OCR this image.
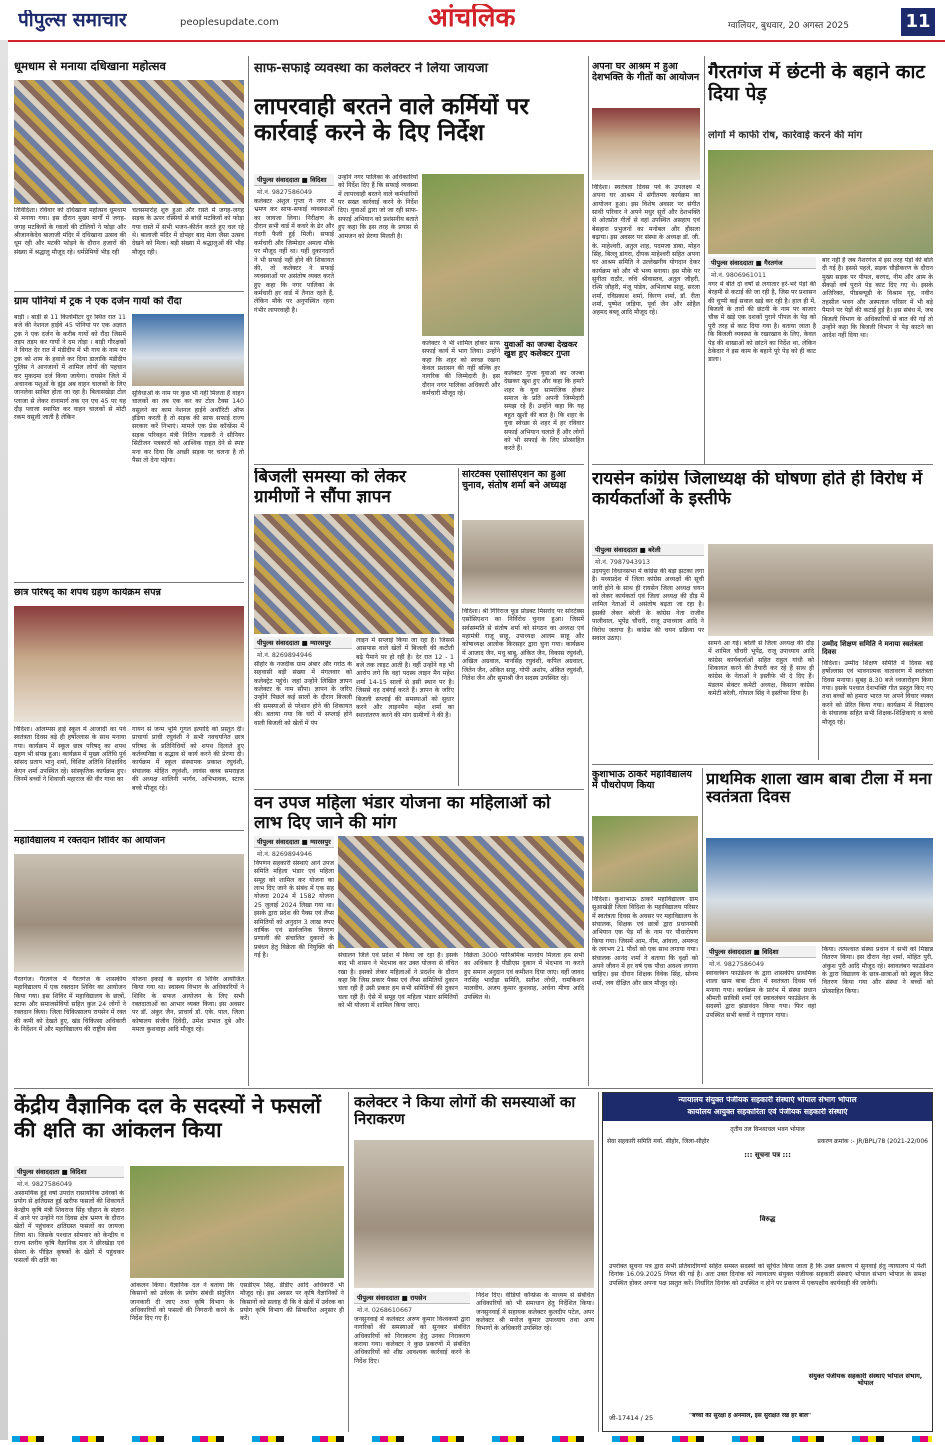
पीपुल्स समाचार	peoplesupdate.com	आंचलिक	ग्वालियर, बुधवार, 20 अगस्त 2025	11
धूमधाम से मनाया दधिखाना महोत्सव
तिविदिशा। रविवार को दधिखाना महोत्सव धूमधाम से मनाया गया। इस दौरान मुख्य मार्गों में जगह-जगह मटकियों के ग्वालों की टोलियों ने फोड़ा और श्रीजानकेदेव बालाजी मंदिर में दधिखाना उत्सव की धूम रही और मटकी फोड़ने के दौरान हजारों की संख्या में श्रद्धालु मौजूद रहे। धर्मप्रेमियों भीड़ रही
चलसमारोह शुरु हुआ और रास्ते में जगह-जगह सड़क के ऊपर रस्सियों से बांधी मटकियों को फोड़ा गया रास्ते में सभी भजन-कीर्तन करते हुए चल रहे थे। बालाजी मंदिर में दोपहर बाद मेला जैसा उत्सव देखने को मिला। बड़ी संख्या में श्रद्धालुओं की भीड़ मौजूद रही।
ग्राम पोनियां में ट्रक ने एक दर्जन गायों को रौंदा
बाड़ी । बाड़ी से 11 किलोमीटर दूर स्थित रात 11 बजे की नेशनल हाईवे 45 पोनियां पर एक अज्ञात ट्रक ने एक दर्जन के करीब गायों को रौंदा जिसमें तड़प तड़प कर गायों ने दम तोड़ा । बाड़ी गौरक्षकों ने विगत देर रात में मंडीदीप में भी गाय के नाम पर ट्रक को शाम के हवाले कर दिया डालाकि मंडीदीप पुलिस ने आनजानों में शामिल लोगों की पहचान कर मुकदमा दर्ज किया जायेगा। रायसेन जिले में अचानक पशुओं के झुंड अब वाहन चालकों के लिए जानलेवा साबित होता जा रहा है। बिलासखेड़ा टोल प्लाजा से लेकर रानामार्ग तक एन एच 45 पर यह दौड़ प्लाजा स्थापित कर वाहन चालकों से मोटी रकम वसूली जाती है लेकिन
सुविधाओं के नाम पर कुछ भी नहीं मिलता है वाहन चालकों का तब एक कर का टोल टैक्स 140 वसूलने का काम नेशनल हाईवे अथॉरिटी ऑफ इंडिया करती है तो सड़क की साफ सफाई राज्य सरकार करें निभाएं। मामले एक प्रेस कॉन्फ्रेंस में सड़क परिवहन मंत्री नितिन गडकरी ने सीनियर सिटीजन पत्रकारों को आश्विक राहत देने से स्पष्ट मना कर दिया कि अच्छी सड़क पर चलना है तो पैसा तो देना पड़ेगा।
छात्र परिषद् का शपथ ग्रहण कार्यक्रम संपन्न
विदिशा। ओलम्पस हाई स्कूल में आजादी का पर्व स्वतंत्रता दिवस बड़े ही हर्षोल्लास के साथ मनाया गया। कार्यक्रम में स्कूल छात्र परिषद् का शपथ ग्रहण भी संपन्न हुआ। कार्यक्रम में मुख्य अतिथि पूर्व सांसद प्रताप भानु शर्मा, विशिष्ट अतिथि शिक्षाविद केएन शर्मा उपस्थित रहे। सांस्कृतिक कार्यक्रम हुए। जिनमें बच्चों ने शिवाजी महाराज की वीर गाथा का
गायन से जन्म भूमि गूगल इत्यादि को प्रस्तुत दी। प्राचार्या प्राची रघुवंशी ने सभी नवचयनित छात्र परिषद के प्रतिनिधियों को शपथ दिलाते हुए कर्तव्यनिष्ठा व सद्भाव से कार्य करने की प्रेरणा दी। कार्यक्रम में स्कूल संस्थापक प्रकाश रघुवंशी, संचालक मोहित रघुवंशी, लावंस क्लब समराइज की अध्यक्ष शालिनी भार्गव, अभिभावक, स्टाफ बच्चे मौजूद रहे।
महाविद्यालय में रक्तदान शिविर का आयोजन
गैरतगंज। गैरतगंज में गैरतगंज के शासकीय महाविद्यालय में एक रक्तदान शिविर का आयोजन किया गया। इस शिविर में महाविद्यालय के छात्रों, स्टाफ और समाजसेवियों सहित कुल 24 लोगों ने रक्तदान किया। जिला चिकित्सालय रायसेन में रक्त की कमी को देखते हुए, खंड चिकित्सा अधिकारी के निर्देशन में और महाविद्यालय की राष्ट्रीय सेवा
योजना इकाई के सहयोग से शिविर आयोजित किया गया था। स्वास्थ्य विभाग के अधिकारियों ने शिविर के सफल आयोजन के लिए सभी रक्तदाताओं का आभार व्यक्त किया। इस अवसर पर डॉ. अंकुर जैन, प्राचार्य डॉ. एके. पाल, जिला कोषालय संजीव दिवेदी, उमेश प्रभात दुबे और ममता कुशवाहा आदि मौजूद रहे।
साफ-सफाई व्यवस्था का कलेक्टर ने लिया जायजा
लापरवाही बरतने वाले कर्मियों पर कार्रवाई करने के दिए निर्देश
पीपुल्स संवाददाता ■ विदिशा
मो.नं. 9827586049
कलेक्टर अंशुल गुप्ता ने नगर में भ्रमण कर साफ-सफाई व्यवस्थाओं का जायजा लिया। निरीक्षण के दौरान सभी वार्ड में कचरे के ढेर और गंदगी फैली हुई मिली। सफाई कर्मचारी और जिम्मेदार अमला मौके पर मौजूद नहीं था। यहीं दुकानदारों ने भी सफाई नहीं होने की शिकायत की, तो कलेक्टर ने सफाई व्यवस्थाओं पर असंतोष व्यक्त करते हुए कहा कि नगर पालिका के कर्मचारी हर वार्ड में तैनात रहते हैं, लेकिन मौके पर अनुपस्थित रहना गंभीर लापरवाही है।
उन्होंने नगर पालिका के अधिकारियों को निर्देश दिए हैं कि सफाई व्यवस्था में लापरवाही बरतने वाले कर्मचारियों पर सख्त कार्रवाई करने के निर्देश दिए। युवाओं द्वारा जो जा रही साफ-सफाई अभियान को प्रशंसनीय बताते हुए कहा कि इस तरह के प्रयास से आमजन को प्रेरणा मिलती है।
कलेक्टर ने भी शामिल होकर साफ सफाई कार्य में भाग लिया। उन्होंने कहा कि शहर को स्वच्छ रखना केवल प्रशासन की नहीं बल्कि हर नागरिक की जिम्मेदारी है। इस दौरान नगर पालिका अधिकारी और कर्मचारी मौजूद रहे।
युवाओं का जज्बा देखकर खुश हुए कलेक्टर गुप्ता
कलेक्टर गुप्ता युवाओं का जज्बा देखकर खुश हुए और कहा कि हमारे शहर के युवा सामाजिक होकर समाज के प्रति अपनी जिम्मेदारी समझ रहे हैं। उन्होंने कहा कि यह बहुत खुशी की बात है। कि शहर के युवा स्वेच्छा से शहर में हर रविवार सफाई अभियान चलाते हैं और लोगों को भी सफाई के लिए प्रोत्साहित करते हैं।
बिजली समस्या को लेकर ग्रामीणों ने सौंपा ज्ञापन
पीपुल्स संवाददाता ■ ग्यारसपुर
मो.नं. 8269894946
सीहोर के नजदीक ग्राम अंबार और गरोठ के सहवासी बड़ी संख्या में मंगलवार को कलेक्ट्रेट पहुंचे। जहां उन्होंने लिखित ज्ञापन कलेक्टर के नाम सौंपा। ज्ञापन के जरिए उन्होंने पिछले कई सालों के दौरान बिजली की समस्याओं से परेशान होने की शिकायत की। बताया गया कि घरों में सप्लाई होने वाली बिजली को खेतों में पंप
लाइन में सप्लाई किया जा रहा है। जिससे आसपास वाले खेतों में बिजली की कटौती बढ़े पैमाने पर हो रही है। देर रात 12 - 1 बजे तक लाइट आती है। वहीं उन्होंने यह भी आरोप लगे कि वहां पदस्थ लाइन मैन महेश शर्मा 14-15 सालों से इसी स्थान पर है। जिससे वह दबंगई करते हैं। ज्ञापन के जरिए बिजली सप्लाई की समस्याओं को सुधार करने और लाइनमैन महेश शर्मा का स्थानांतरण करने की मांग ग्रामीणों ने की है।
सोरटेक्स एसोसिएशन का हुआ चुनाव, संतोष शर्मा बने अध्यक्ष
विदिशा। श्री गिरिराज फूड प्रोडक्ट मिसरोद पर सोरटेक्स एसोसिएशन का निर्विरोध चुनाव हुआ। जिसमें सर्वसम्मति से संतोष शर्मा को संगठन का अध्यक्ष एवं महामंत्री राजू साहू, उपाध्यक्ष आलम साहू और कोषाध्यक्ष आलोक किरसहर द्वारा चुना गया। कार्यक्रम में आजाद जैन, मधु बाबू, अंकित जैन, विकास रघुवंशी, अखिल अग्रवाल, मानसिंह रघुवंशी, कपिल अग्रवाल, जितेन जैन, अंकित साहू, गोपी अशोप, अंकित रघुवंशी, नितेश जैन और सुमाश्री जैन सदस्य उपस्थित रहे।
वन उपज महिला भंडार योजना का महिलाओं को लाभ दिए जाने की मांग
पीपुल्स संवाददाता ■ ग्यारसपुर
मो.नं. 8269894946
विपणन सहकारी संस्थाएं आने उपज समिति महिला भंडार एवं महिला समूह को शामिल कर योजना का लाभ दिए जाने के संबंध में एक सह योजना 2024 में 1582 योजना 25 जुलाई 2024 लिखा गया था। इसके द्वारा प्रदेश की पैक्स एवं लैंप्स समितियों को अनुदान 3 लाख रुपए वार्षिक एवं सार्वजनिक वितरण प्रणाली की संचालित दुकानों के प्रबंधन हेतु विक्रेता की नियुक्ति की गई है।	संचालन जिले एवं प्रदेश में किया जा रहा है। इसके बाद भी शासन ने भेदभाव कर उक्त योजना से वंचित रखा है। इसको लेकर महिलाओं ने प्रदर्शन के दौरान कहा कि जिस प्रकार पैक्स एवं लैंप्स समितियों दुकान चला रही हैं उसी प्रकार हम सभी समितियों की दुकान चला रही हैं। ऐसे में समूह एवं महिला भंडार समितियों को भी योजना में शामिल किया जाए।
विक्रेता 3000 पारिश्रमिक मानदेय मिलता हम सभी का अधिकार है पीडीएस दुकान में भेदभाव ना करते हुए समान अनुदान एवं कमीशन दिया जाए। वहीं जावद नरसिंह भादौड़ा समिति, सतीश लोधी, रामकिशन मालवीय, अजय कुमार कुशवाह, अर्चना मीणा आदि उपस्थित थे।
अपना घर आश्रम में हुआ देशभक्ति के गीतों का आयोजन
विदिशा। स्वतंत्रता दिवस पर्व के उपलक्ष्य में अपना घर आश्रम में संगीतमय कार्यक्रम का आयोजन हुआ। इस विशेष अवसर पर संगीत साथी परिवार ने अपने मधुर सुरों और देशभक्ति से ओतप्रोत गीतों से वहां उपस्थित असहाय एवं बेसहारा प्रभुजनों का मनोबल और हौसला बढ़ाया। इस अवसर पर संस्था के अध्यक्ष डॉ. जी. के. माहेश्वरी, अतुल शाह, पदमजा डाबा, मोहन सिंह, बिल्लू डांगरा, दीपक माहेश्वरी सहित अपना घर आश्रम समिति ने उल्लेखनीय योगदान देकर कार्यक्रम को और भी भव्य बनाया। इस मौके पर सुनीता राठौर, रुचि श्रीवास्तव, अतुल जौहरी, रश्मि जौहरी, मंजू पांडेय, अभिलाषा साहू, सरला शर्मा, रविप्रकाश शर्मा, किरण शर्मा, डॉ. रीता शर्मा, पुष्पेश जड़िया, पूर्वा जैन और सोहैल अहमद बब्लू आदि मौजूद रहे।
गैरतगंज में छंटनी के बहाने काट दिया पेड़
लोगों में काफी रोष, कार्रवाई करने की मांग
पीपुल्स संवाददाता ■ गैरतगंज
मो.नं. 9806961011
नगर में बीते दो वर्षों से लगातार हरे-भरे पेड़ों की बेरहमी से कटाई की जा रही है, जिस पर प्रशासन की चुप्पी कई सवाल खड़े कर रही है। हाल ही में, बिजली के तारों की छंटनी के नाम पर बाजार चौक में खड़े एक दशकों पुराने पीपल के पेड़ को पूरी तरह से काट दिया गया है। बताया जाता है कि बिजली व्यवस्था के रखरखाव के लिए, केवल पेड़ की शाखाओं को छांटने का निर्देश था, लेकिन ठेकेदार ने इस काम के बहाने पूरे पेड़ को ही काट डाला।
बार नहीं है जब नैशरगंज में इस तरह पेड़ों की बलि दी गई है। इससे पहले, सड़क चौड़ीकरण के दौरान मुख्य सड़क पर पीपल, बरगद, नीम और आम के सैकड़ों वर्ष पुराने पेड़ काट दिए गए थे। इसके अतिरिक्त, पीडब्ल्यूडी के विश्राम गृह, नवीन तहसील भवन और अस्पताल परिसर में भी बड़े पैमाने पर पेड़ों की कटाई हुई है। इस संबंध में, जब बिजली विभाग के अधिकारियों से बात की गई तो उन्होंने कहा कि बिजली विभाग ने पेड़ काटने का आदेश नहीं दिया था।
रायसेन कांग्रेस जिलाध्यक्ष की घोषणा होते ही विरोध में कार्यकर्ताओं के इस्तीफे
पीपुल्स संवाददाता ■ बरेली
मो.नं. 7987943913
उदयपुरा विधानसभा में कांग्रेस की बड़ा झटका लगा है। मध्यप्रदेश में जिला कांग्रेस अध्यक्षों की सूची जारी होने के साथ ही रायसेन जिला अध्यक्ष चयन को लेकर कार्यकर्ता एवं जिला अध्यक्ष की दौड़ में शामिल नेताओं में असंतोष बढ़ता जा रहा है। इसकी लेकर बरेली के कांग्रेस नेता राजीव पालीवाल, भूपेंद्र चौधरी, राजू उपाध्याय आदि ने विरोध जताया है। कांग्रेस की चयन प्रक्रिया पर सवाल उठाए।
सामने आ गई। बरेली से जिला अध्यक्ष की दौड़ में शामिल चौधरी भूपेंद्र, राजू उपाध्याय आदि कांग्रेस कार्यकर्ताओं सहित राहुल गांधी को शिकायत करने की तैयारी कर रहे हैं साथ ही कांग्रेस के नेताओं ने इस्तीफे भी दे दिए हैं। मंडलम सेक्टर कमेटी अध्यक्ष, किसान कांग्रेस कमेटी बरेली, गोपाल सिंह ने इस्तीफा दिया है।
उम्मीद शिक्षण समिति ने मनाया स्वतंत्रता दिवस
विदिशा। उम्मीद शिक्षण समिति में दिवस बड़े हर्षोल्लास एवं भावनात्मक वातावरण में स्वतंत्रता दिवस मनाया। सुबह 8.30 बजे ध्वजारोहण किया गया। इसके पश्चात देशभक्ति गीत प्रस्तुत किए गए तथा बच्चों को हमारा भारत पर अपने विचार व्यक्त करने को प्रेरित किया गया। कार्यक्रम में विद्यालय के संचालक सहित सभी शिक्षक-शिक्षिकाएं व बच्चे मौजूद रहे।
कुशाभाऊ ठाकरे महाविद्यालय में पौधरोपण किया
विदिशा। कुशाभाऊ ठाकरे महाविद्यालय ग्राम सुआखेड़ी जिला विदिशा के महाविद्यालय परिसर में स्वतंत्रता दिवस के अवसर पर महाविद्यालय के संचालक, शिक्षक एवं छात्रों द्वारा प्रधानमंत्री अभियान एक पेड़ माँ के नाम पर पौधारोपण किया गया। जिसमें आम, नीम, आंवला, अमरूद के लगभग 21 पौधों को एक साथ लगाया गया। संचालक आनंद शर्मा ने बताया कि वृक्षों को अपने जीवन में हर वर्ष एक पौधा अवश्य लगाना चाहिए। इस दौरान शिक्षक विवेक सिंह, सोनम शर्मा, जय दीक्षित और छात्र मौजूद रहे।
प्राथमिक शाला खाम बाबा टीला में मना स्वतंत्रता दिवस
पीपुल्स संवाददाता ■ विदिशा
मो.नं. 9827586049
स्वावलंबन फाउंडेशन के द्वारा शासकीय प्राथमिक शाला खाम बाबा टीला में स्वतंत्रता दिवस पर्व मनाया गया। कार्यक्रम के प्रारंभ में संस्था प्रधान श्रीमती सावित्री शर्मा एवं स्वावलंबन फाउंडेशन के सदस्यों द्वारा झंडावंदन किया गया। फिर वहां उपस्थित सभी बच्चों ने राष्ट्रगान गाया।
किया। तत्पश्चात संस्था प्रधान ने सभी को मिष्ठान्न वितरण किया। इस दौरान नेहा शर्मा, मोहित पुरी, अंकुश पुरी आदि मौजूद रहे। स्वावलंबन फाउंडेशन के द्वारा विद्यालय के छात्र-छात्राओं को स्कूल किट वितरण किया गया और संस्था ने बच्चों को प्रोत्साहित किया।
केंद्रीय वैज्ञानिक दल के सदस्यों ने फसलों की क्षति का आंकलन किया
पीपुल्स संवाददाता ■ विदिशा
मो.नं. 9827586049
असामयिक हुई वर्षा उपरांत रासायनिक उर्वरकों के प्रयोग से क्षतिग्रस्त हुई खरीफ फसलों की शिकायतें केन्द्रीय कृषि मंत्री शिवराज सिंह चौहान के संज्ञान में आने पर उन्होंने गत दिवस क्षेत्र भ्रमण के दौरान खेतों में पहुंचकर क्षतिग्रस्त फसलों का जायजा लिया था। जिसके पश्चात सोमवार को केन्द्रीय व राज्य स्तरीय कृषि वैज्ञानिक दल ने छीरखेड़ा एवं सेमरा के पीड़ित कृषकों के खेतों में पहुंचकर फसलों की क्षति का
आंकलन किया। वैज्ञानिक दल ने बताया कि किसानों को उर्वरक के प्रयोग संबंधी संतुलित जानकारी दी जाए तथा कृषि विभाग के अधिकारियों को फसलों की निगरानी करने के निर्देश दिए गए हैं।
एसडीएम सिंह, डीडीए आदि अधिकारी भी मौजूद रहे। इस अवसर पर कृषि वैज्ञानिकों ने किसानों को सलाह दी कि वे खेतों में उर्वरक का प्रयोग कृषि विभाग की सिफारिश अनुसार ही करें।
कलेक्टर ने किया लोगों की समस्याओं का निराकरण
पीपुल्स संवाददाता ■ रायसेन
मो.नं. 0268610667
जनसुनवाई में कलेक्टर अरुण कुमार विश्वकर्मा द्वारा नागरिकों की समस्याओं को सुनकर संबंधित अधिकारियों को निराकरण हेतु उनका निराकरण कराया गया। कलेक्टर ने कुछ प्रकरणों में संबंधित अधिकारियों को शीघ्र आवश्यक कार्रवाई करने के निर्देश दिए।
निर्देश दिए। वीडियो कॉन्फ्रेंस के माध्यम से संबंधित अधिकारियों को भी समाधान हेतु निर्देशित किया। जनसुनवाई में सहायक कलेक्टर कुलदीप पटेल, अपर कलेक्टर श्री मनोज कुमार उपाध्याय तथा अन्य विभागों के अधिकारी उपस्थित रहे।
न्यायालय संयुक्त पंजीयक सहकारी संस्थाएं भोपाल संभाग भोपाल
कार्यालय आयुक्त सहकारिता एवं पंजीयक सहकारी संस्थाएं
तृतीय तल विन्ध्याचल भवन भोपाल
सेवा सहकारी समिति मर्या. सीहोर, जिला-सीहोर	प्रकरण क्रमांक :- JR/BPL/78 (2021-22/006
::: सूचना पत्र :::
विरुद्ध
उपरोक्त सूचना पत्र द्वारा सभी प्रतिवादीगणों सहित समस्त सदस्यों को सूचित किया जाता है कि उक्त प्रकरण में सुनवाई हेतु न्यायालय में पेशी दिनांक 16.09.2025 नियत की गई है। अतः उक्त दिनांक को न्यायालय संयुक्त पंजीयक सहकारी संस्थाएं भोपाल संभाग भोपाल के समक्ष उपस्थित होकर अपना पक्ष प्रस्तुत करें। निर्धारित दिनांक को उपस्थित न होने पर प्रकरण में एकपक्षीय कार्यवाही की जावेगी।
संयुक्त पंजीयक सहकारी संस्थाएं भोपाल संभाग, भोपाल
जी-17414 / 25	"बच्चों की सुरक्षा है अनमोल, इसे सुरक्षित रखे हर बोल"
